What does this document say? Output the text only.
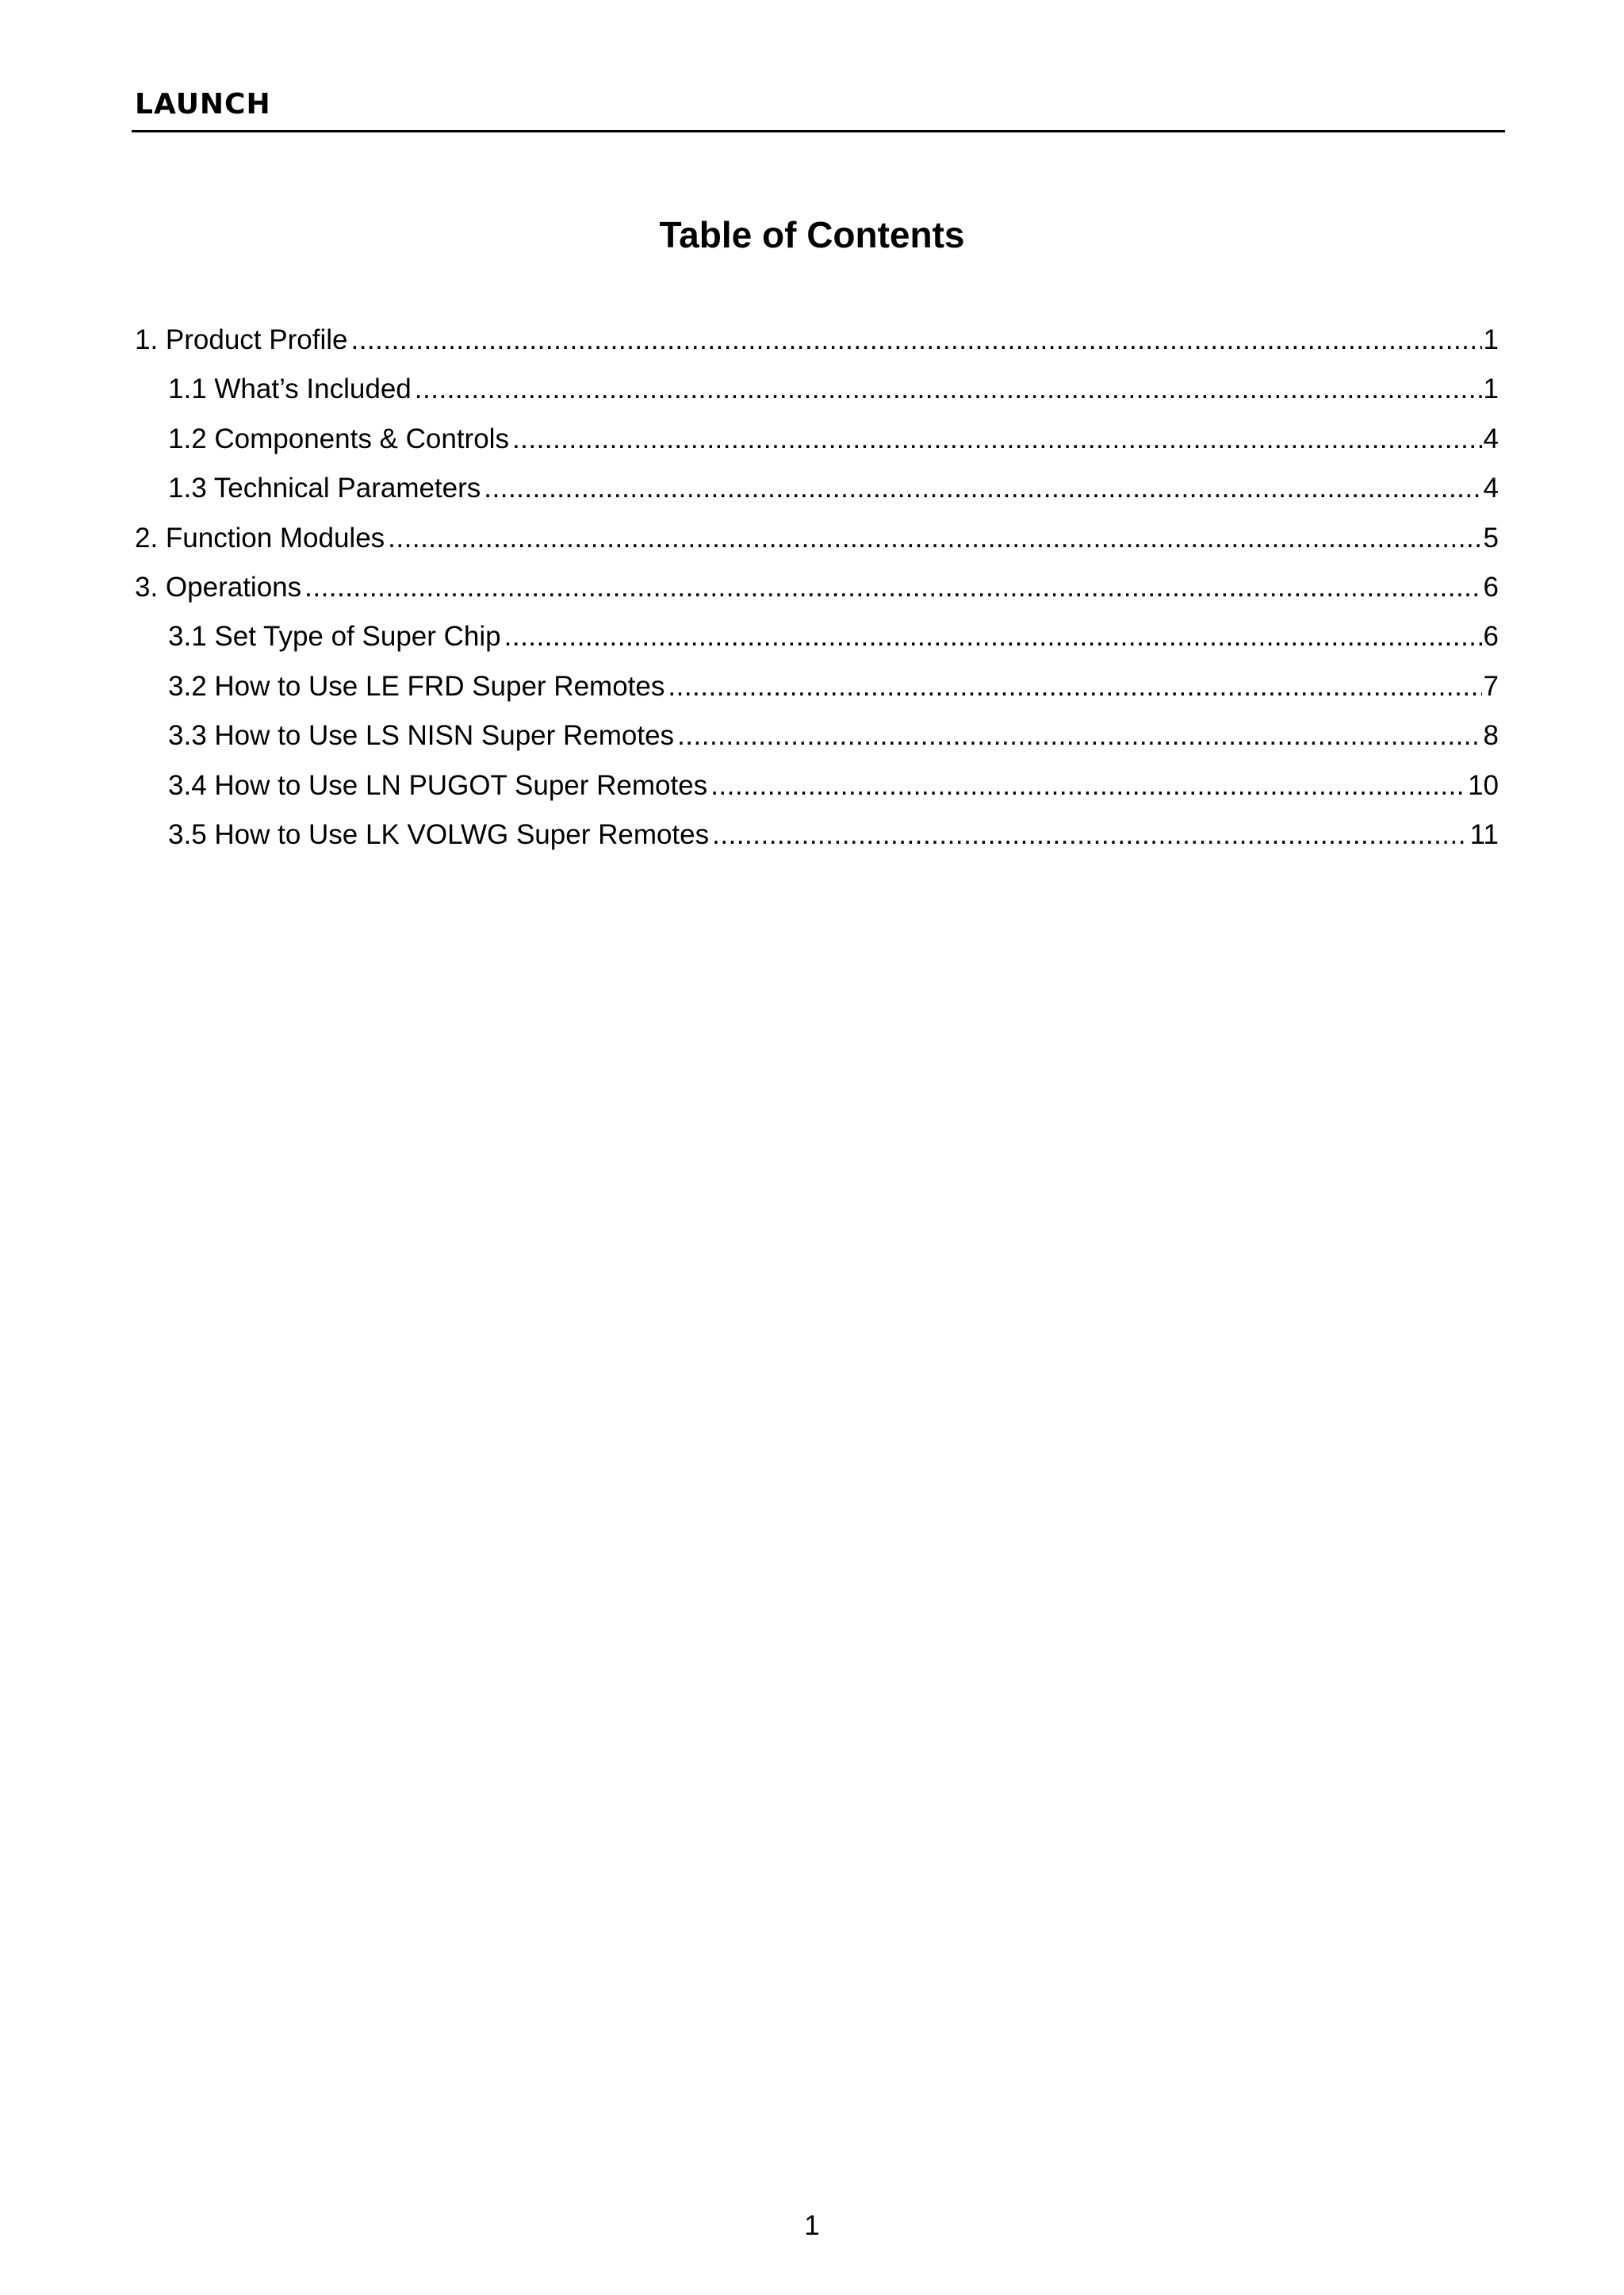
LAUNCH
Table of Contents
1. Product Profile .....	1
1.1 What’s Included .....	1
1.2 Components & Controls .....	4
1.3 Technical Parameters .....	4
2. Function Modules .....	5
3. Operations .....	6
3.1 Set Type of Super Chip .....	6
3.2 How to Use LE FRD Super Remotes .....	7
3.3 How to Use LS NISN Super Remotes .....	8
3.4 How to Use LN PUGOT Super Remotes .....	10
3.5 How to Use LK VOLWG Super Remotes .....	11
1
